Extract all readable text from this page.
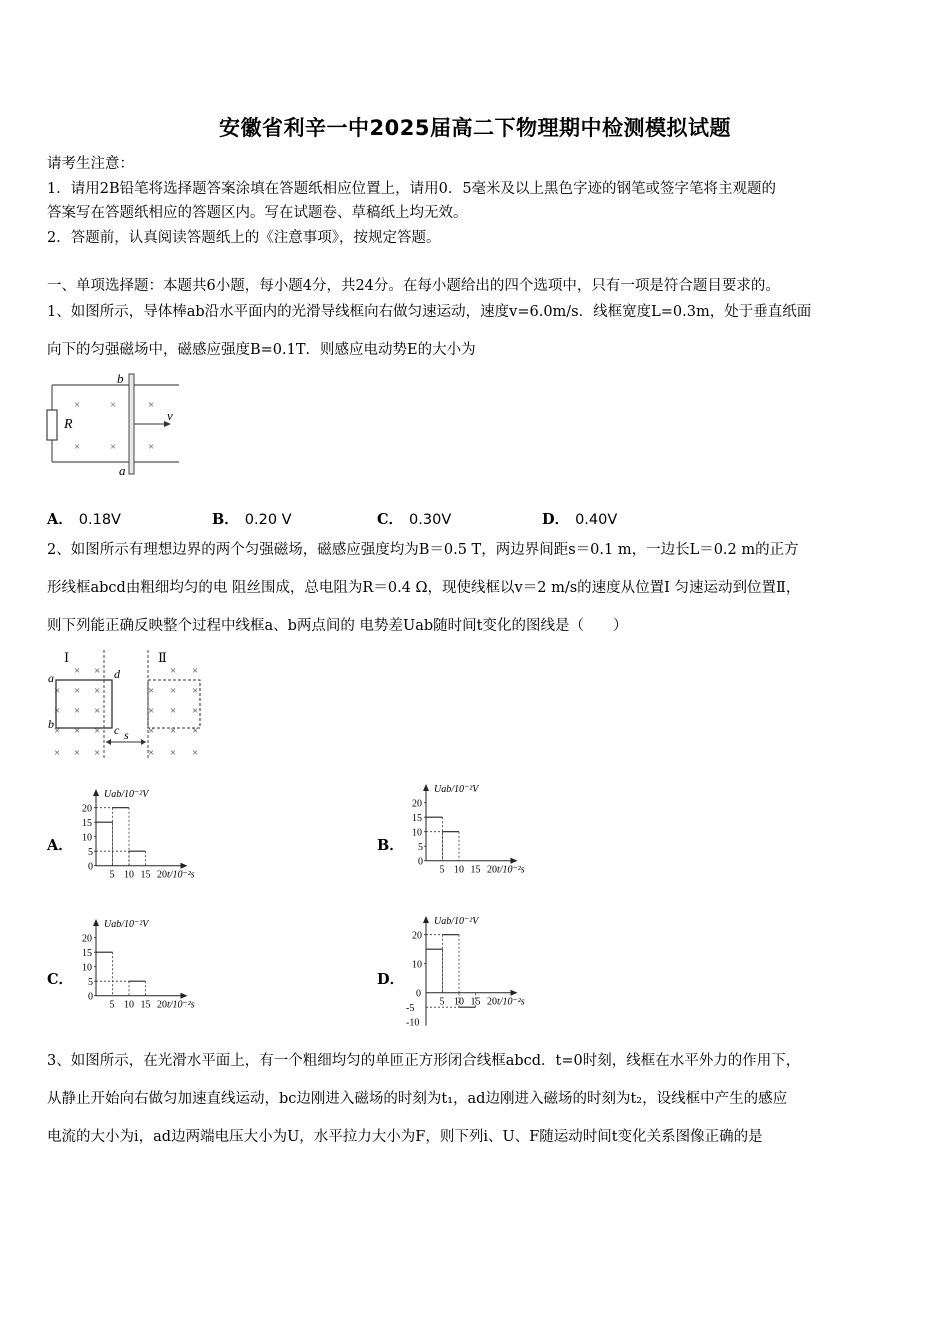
安徽省利辛一中2025届高二下物理期中检测模拟试题
请考生注意：
1．请用2B铅笔将选择题答案涂填在答题纸相应位置上，请用0．5毫米及以上黑色字迹的钢笔或签字笔将主观题的
答案写在答题纸相应的答题区内。写在试题卷、草稿纸上均无效。
2．答题前，认真阅读答题纸上的《注意事项》，按规定答题。
一、单项选择题：本题共6小题，每小题4分，共24分。在每小题给出的四个选项中，只有一项是符合题目要求的。
1、如图所示，导体棒ab沿水平面内的光滑导线框向右做匀速运动，速度v=6.0m/s．线框宽度L=0.3m，处于垂直纸面
向下的匀强磁场中，磁感应强度B=0.1T．则感应电动势E的大小为
R
b
a
×	×	×
×	×	×
v
A． 0.18V	B． 0.20 V	C． 0.30V	D． 0.40V
2、如图所示有理想边界的两个匀强磁场，磁感应强度均为B＝0.5 T，两边界间距s＝0.1 m，一边长L＝0.2 m的正方
形线框abcd由粗细均匀的电 阻丝围成，总电阻为R＝0.4 Ω，现使线框以v＝2 m/s的速度从位置Ⅰ 匀速运动到位置Ⅱ，
则下列能正确反映整个过程中线框a、b两点间的 电势差Uab随时间t变化的图线是（　　）
× ×	× ×
× × ×	× × ×
× × ×	× × ×
× × ×	× × ×
× × ×	× × ×
Ⅰ	Ⅱ
a
b	c
d
s
A．	B．
C．	D．
Uab/10⁻²V
20
15
10
5
0
5 10 15 20 t/10⁻²s
Uab/10⁻²V
20
15
10
5
0
5 10 15 20 t/10⁻²s
Uab/10⁻²V
20
15
10
5
0
5 10 15 20 t/10⁻²s
Uab/10⁻²V
20
10
0
-5
-10
5 10 15 20 t/10⁻²s
3、如图所示，在光滑水平面上，有一个粗细均匀的单匝正方形闭合线框abcd．t=0时刻，线框在水平外力的作用下，
从静止开始向右做匀加速直线运动，bc边刚进入磁场的时刻为t₁，ad边刚进入磁场的时刻为t₂，设线框中产生的感应
电流的大小为i，ad边两端电压大小为U，水平拉力大小为F，则下列i、U、F随运动时间t变化关系图像正确的是
